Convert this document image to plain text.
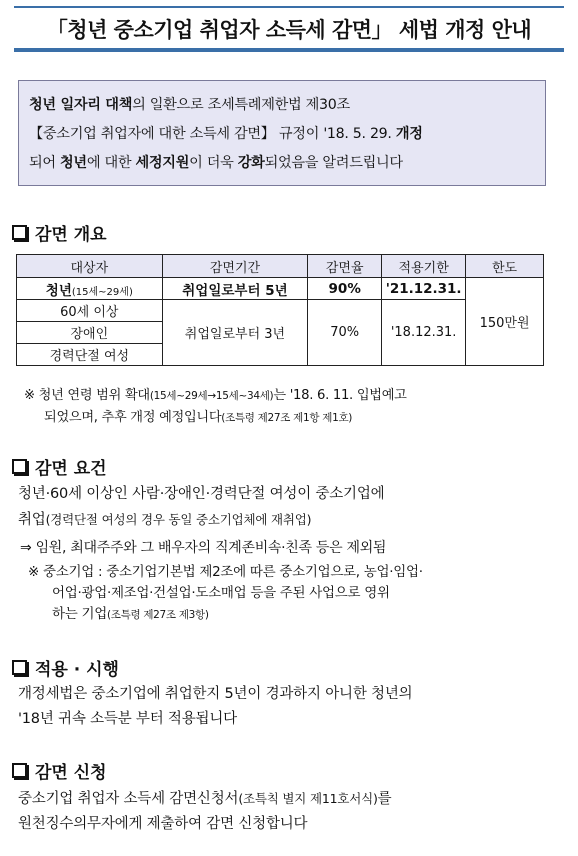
「청년 중소기업 취업자 소득세 감면」 세법 개정 안내

청년 일자리 대책의 일환으로 조세특례제한법 제30조

【중소기업 취업자에 대한 소득세 감면】 규정이 '18. 5. 29. 개정

되어 청년에 대한 세정지원이 더욱 강화되었음을 알려드립니다

감면 개요
대상자	감면기간	감면율	적용기한	한도
청년(15세~29세)	취업일로부터 5년	90%	'21.12.31.	150만원
60세 이상	취업일로부터 3년	70%	'18.12.31.	
장애인				
경력단절 여성				
※ 청년 연령 범위 확대(15세~29세→15세~34세)는 '18. 6. 11. 입법예고
되었으며, 추후 개정 예정입니다(조특령 제27조 제1항 제1호)
감면 요건
청년·60세 이상인 사람·장애인·경력단절 여성이 중소기업에
취업(경력단절 여성의 경우 동일 중소기업체에 재취업)
⇒ 임원, 최대주주와 그 배우자의 직계존비속·친족 등은 제외됨
※ 중소기업 : 중소기업기본법 제2조에 따른 중소기업으로, 농업·임업·
어업·광업·제조업·건설업·도소매업 등을 주된 사업으로 영위
하는 기업(조특령 제27조 제3항)
적용 · 시행
개정세법은 중소기업에 취업한지 5년이 경과하지 아니한 청년의
'18년 귀속 소득분 부터 적용됩니다
감면 신청
중소기업 취업자 소득세 감면신청서(조특칙 별지 제11호서식)를
원천징수의무자에게 제출하여 감면 신청합니다
